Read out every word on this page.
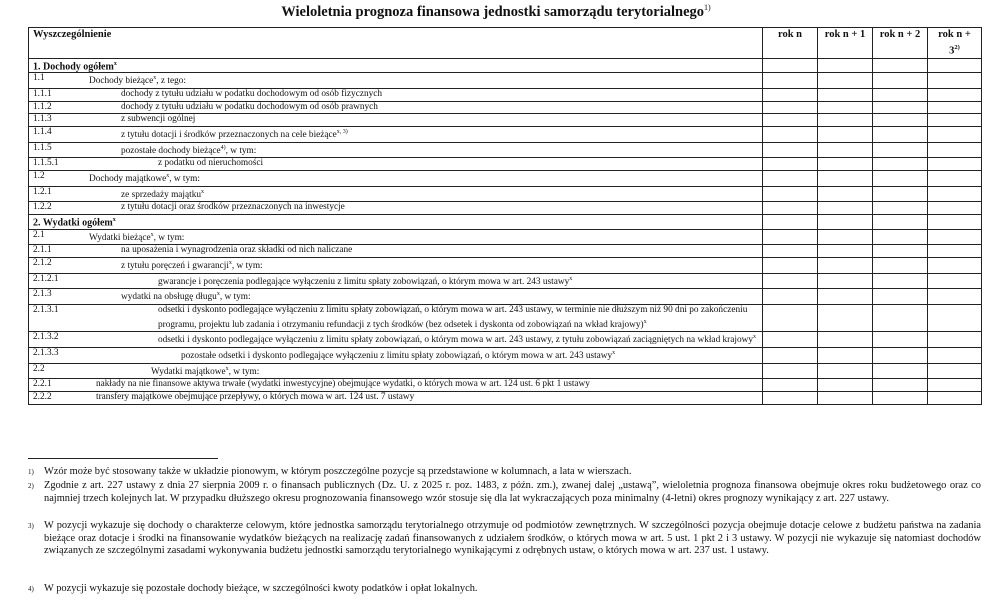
Wieloletnia prognoza finansowa jednostki samorządu terytorialnego$^{1)}$
Wyszczególnienie	rok n	rok n + 1	rok n + 2	rok $n + 3^{2)}$
1. Dochody ogółem$^x$				

1.1 Dochody bieżące$^x$, z tego:				

1.1.1 dochody z tytułu udziału w podatku dochodowym od osób fizycznych				

1.1.2 dochody z tytułu udziału w podatku dochodowym od osób prawnych				

1.1.3 z subwencji ogólnej				

1.1.4 z tytułu dotacji i środków przeznaczonych na cele bieżące$^{x, 3)}$

1.1.5 pozostałe dochody bieżące$^{4)}$, w tym:				

1.1.5.1 z podatku od nieruchomości				

1.2 Dochody majątkowe$^x$, w tym:				

1.2.1 ze sprzedaży majątku$^x$

1.2.2 z tytułu dotacji oraz środków przeznaczonych na inwestycje				

2. Wydatki ogółem$^x$				

2.1 Wydatki bieżące$^x$, w tym:				

2.1.1 na uposażenia i wynagrodzenia oraz składki od nich naliczane				

2.1.2 z tytułu poręczeń i gwarancji$^x$, w tym:				

2.1.2.1 gwarancje i poręczenia podlegające wyłączeniu z limitu spłaty zobowiązań, o którym mowa w art. 243 ustawy$^x$

2.1.3 wydatki na obsługę długu$^x$, w tym:				

2.1.3.1 odsetki i dyskonto podlegające wyłączeniu z limitu spłaty zobowiązań, o którym mowa w art. 243 ustawy, w terminie nie dłuższym niż 90 dni po zakończeniu programu, projektu lub zadania i otrzymaniu refundacji z tych środków (bez odsetek i dyskonta od zobowiązań na wkład krajowy)$^x$

2.1.3.2 odsetki i dyskonto podlegające wyłączeniu z limitu spłaty zobowiązań, o którym mowa w art. 243 ustawy, z tytułu zobowiązań zaciągniętych na wkład krajowy$^x$

2.1.3.3 pozostałe odsetki i dyskonto podlegające wyłączeniu z limitu spłaty zobowiązań, o którym mowa w art. 243 ustawy$^x$

2.2 Wydatki majątkowe$^x$, w tym:				

2.2.1 nakłady na nie finansowe aktywa trwałe (wydatki inwestycyjne) obejmujące wydatki, o których mowa w art. 124 ust. 6 pkt 1 ustawy				

2.2.2 transfery majątkowe obejmujące przepływy, o których mowa w art. 124 ust. 7 ustawy				

1) Wzór może być stosowany także w układzie pionowym, w którym poszczególne pozycje są przedstawione w kolumnach, a lata w wierszach.
2) Zgodnie z art. 227 ustawy z dnia 27 sierpnia 2009 r. o finansach publicznych (Dz. U. z 2025 r. poz. 1483, z późn. zm.), zwanej dalej „ustawą”, wieloletnia prognoza finansowa obejmuje okres roku budżetowego oraz co najmniej trzech kolejnych lat. W przypadku dłuższego okresu prognozowania finansowego wzór stosuje się dla lat wykraczających poza minimalny (4-letni) okres prognozy wynikający z art. 227 ustawy.
3) W pozycji wykazuje się dochody o charakterze celowym, które jednostka samorządu terytorialnego otrzymuje od podmiotów zewnętrznych. W szczególności pozycja obejmuje dotacje celowe z budżetu państwa na zadania bieżące oraz dotacje i środki na finansowanie wydatków bieżących na realizację zadań finansowanych z udziałem środków, o których mowa w art. 5 ust. 1 pkt 2 i 3 ustawy. W pozycji nie wykazuje się natomiast dochodów związanych ze szczególnymi zasadami wykonywania budżetu jednostki samorządu terytorialnego wynikającymi z odrębnych ustaw, o których mowa w art. 237 ust. 1 ustawy.
4) W pozycji wykazuje się pozostałe dochody bieżące, w szczególności kwoty podatków i opłat lokalnych.
